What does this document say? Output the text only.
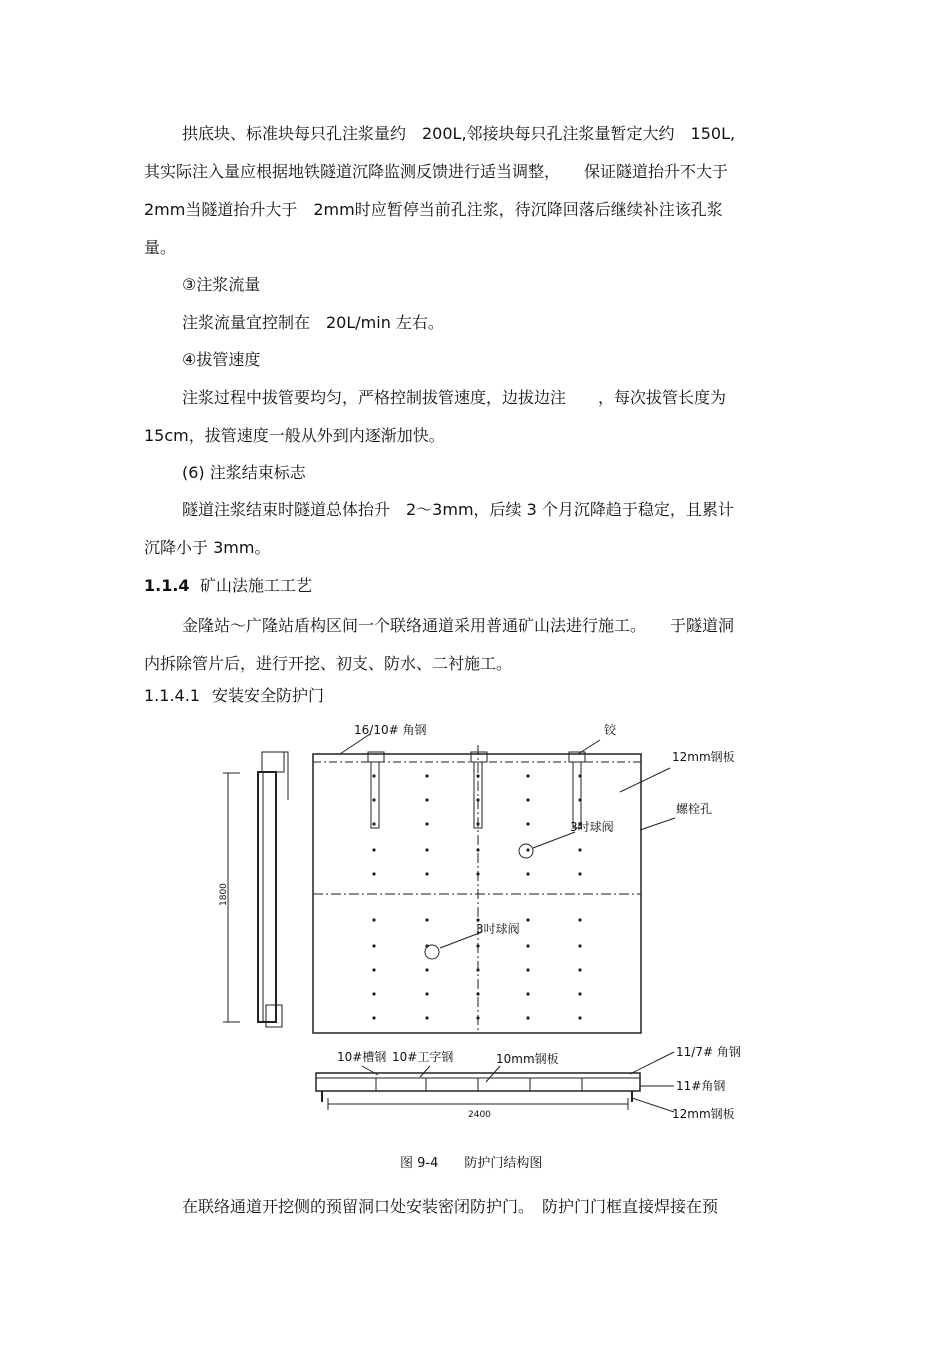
拱底块、标准块每只孔注浆量约　200L,邻接块每只孔注浆量暂定大约　150L,
其实际注入量应根据地铁隧道沉降监测反馈进行适当调整，　　保证隧道抬升不大于
2mm当隧道抬升大于　2mm时应暂停当前孔注浆，待沉降回落后继续补注该孔浆
量。
③注浆流量
注浆流量宜控制在　20L/min 左右。
④拔管速度
注浆过程中拔管要均匀，严格控制拔管速度，边拔边注　　，每次拔管长度为
15cm，拔管速度一般从外到内逐渐加快。
(6) 注浆结束标志
隧道注浆结束时隧道总体抬升　2～3mm，后续 3 个月沉降趋于稳定，且累计
沉降小于 3mm。
1.1.4 矿山法施工工艺
金隆站～广隆站盾构区间一个联络通道采用普通矿山法进行施工。　　于隧道洞
内拆除管片后，进行开挖、初支、防水、二衬施工。
1.1.4.1 安装安全防护门
16/10# 角钢	铰
12mm钢板
螺栓孔
3吋球阀
3吋球阀
1800
10#槽钢 10#工字钢	10mm钢板	11/7# 角钢
11#角钢
12mm钢板
2400
图 9-4　　防护门结构图
在联络通道开挖侧的预留洞口处安装密闭防护门。　防护门门框直接焊接在预
